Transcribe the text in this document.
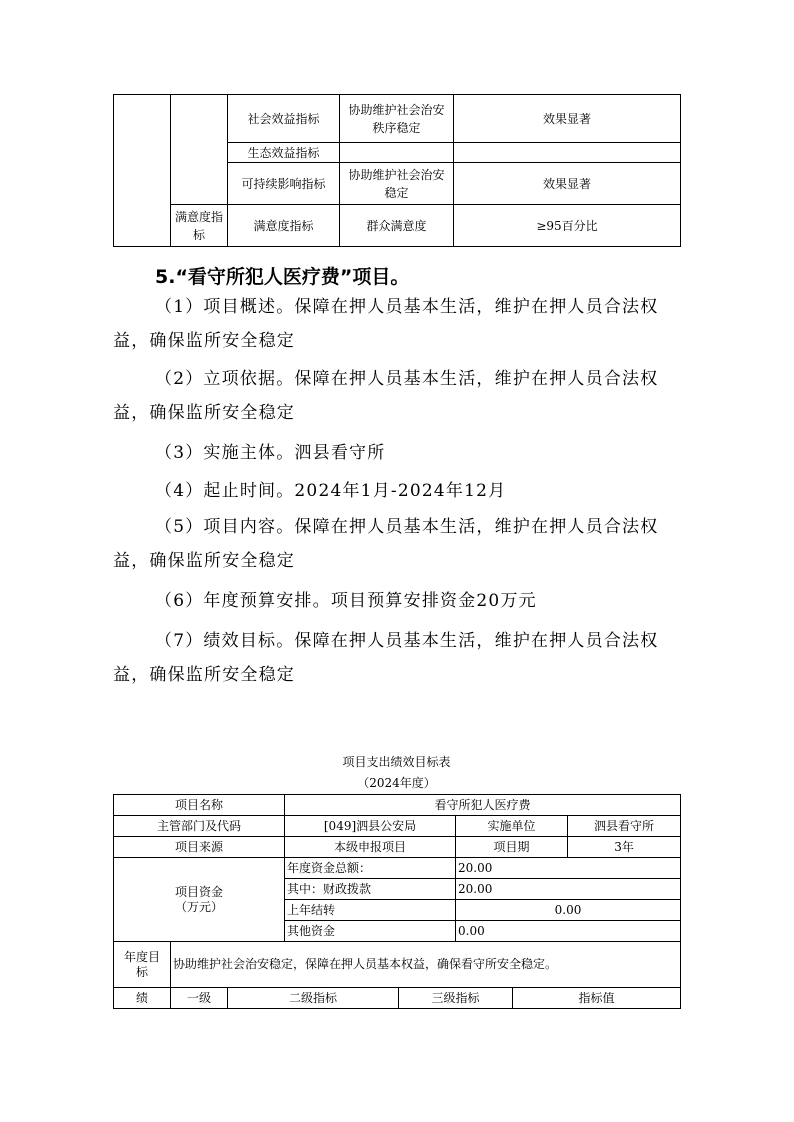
		社会效益指标	协助维护社会治安秩序稳定	效果显著
		生态效益指标		
		可持续影响指标	协助维护社会治安稳定	效果显著
	满意度指标	满意度指标	群众满意度	≥95百分比
5.“看守所犯人医疗费”项目。
（1）项目概述。保障在押人员基本生活，维护在押人员合法权益，确保监所安全稳定
（2）立项依据。保障在押人员基本生活，维护在押人员合法权益，确保监所安全稳定
（3）实施主体。泗县看守所
（4）起止时间。2024年1月-2024年12月
（5）项目内容。保障在押人员基本生活，维护在押人员合法权益，确保监所安全稳定
（6）年度预算安排。项目预算安排资金20万元
（7）绩效目标。保障在押人员基本生活，维护在押人员合法权益，确保监所安全稳定
项目支出绩效目标表
（2024年度）
项目名称			看守所犯人医疗费				
主管部门及代码			[049]泗县公安局		实施单位		泗县看守所
项目来源			本级申报项目		项目期		3年

项目资金
（万元）			年度资金总额：		20.00		
			其中：财政拨款		20.00		
			上年结转		0.00		
			其他资金		0.00		
年度目标	协助维护社会治安稳定，保障在押人员基本权益，确保看守所安全稳定。						
绩	一级	二级指标		三级指标		指标值	
